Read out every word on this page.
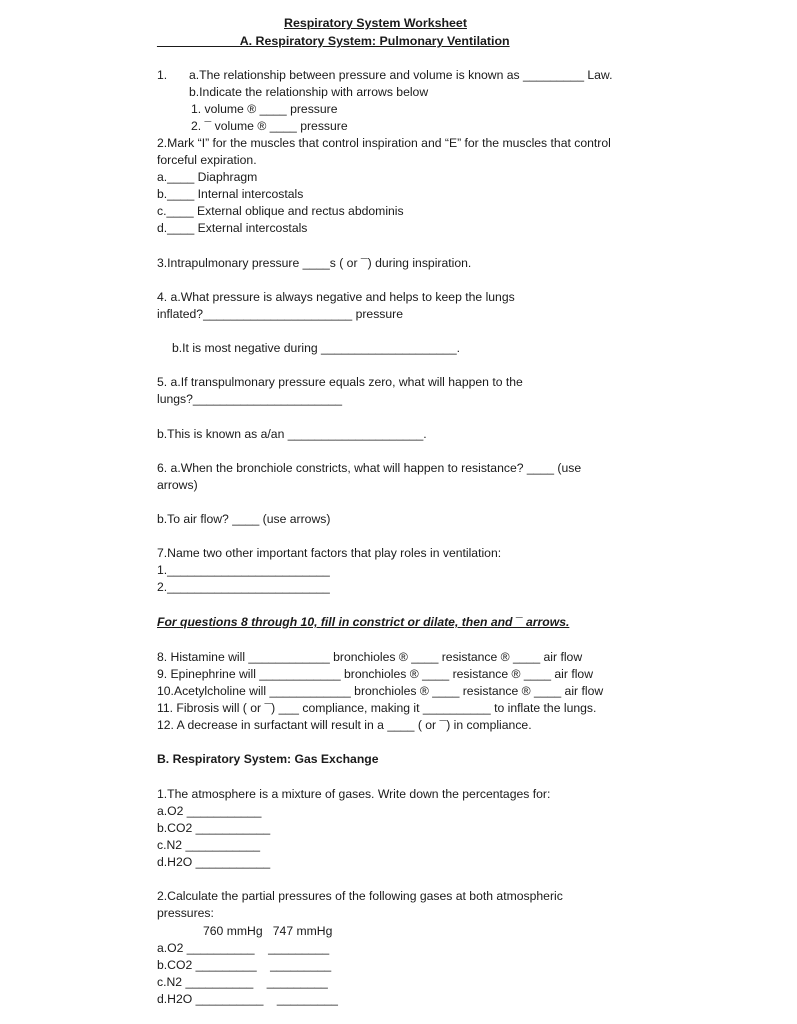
Respiratory System Worksheet
____________A. Respiratory System: Pulmonary Ventilation
1. a.The relationship between pressure and volume is known as _________ Law.
b.Indicate the relationship with arrows below
1. volume ® ____ pressure
2. ¯ volume ® ____ pressure
2.Mark “I” for the muscles that control inspiration and “E” for the muscles that control
forceful expiration.
a.____ Diaphragm
b.____ Internal intercostals
c.____ External oblique and rectus abdominis
d.____ External intercostals
3.Intrapulmonary pressure ____s ( or ¯) during inspiration.
4. a.What pressure is always negative and helps to keep the lungs
inflated?______________________ pressure
b.It is most negative during ____________________.
5. a.If transpulmonary pressure equals zero, what will happen to the
lungs?______________________
b.This is known as a/an ____________________.
6. a.When the bronchiole constricts, what will happen to resistance? ____ (use
arrows)
b.To air flow? ____ (use arrows)
7.Name two other important factors that play roles in ventilation:
1.________________________
2.________________________
For questions 8 through 10, fill in constrict or dilate, then and ¯ arrows.
8. Histamine will ____________ bronchioles ® ____ resistance ® ____ air flow
9. Epinephrine will ____________ bronchioles ® ____ resistance ® ____ air flow
10.Acetylcholine will ____________ bronchioles ® ____ resistance ® ____ air flow
11. Fibrosis will ( or ¯) ___ compliance, making it __________ to inflate the lungs.
12. A decrease in surfactant will result in a ____ ( or ¯) in compliance.
B. Respiratory System: Gas Exchange
1.The atmosphere is a mixture of gases. Write down the percentages for:
a.O2 ___________
b.CO2 ___________
c.N2 ___________
d.H2O ___________
2.Calculate the partial pressures of the following gases at both atmospheric
pressures:
760 mmHg   747 mmHg
a.O2 __________    _________
b.CO2 _________    _________
c.N2 __________    _________
d.H2O __________    _________
